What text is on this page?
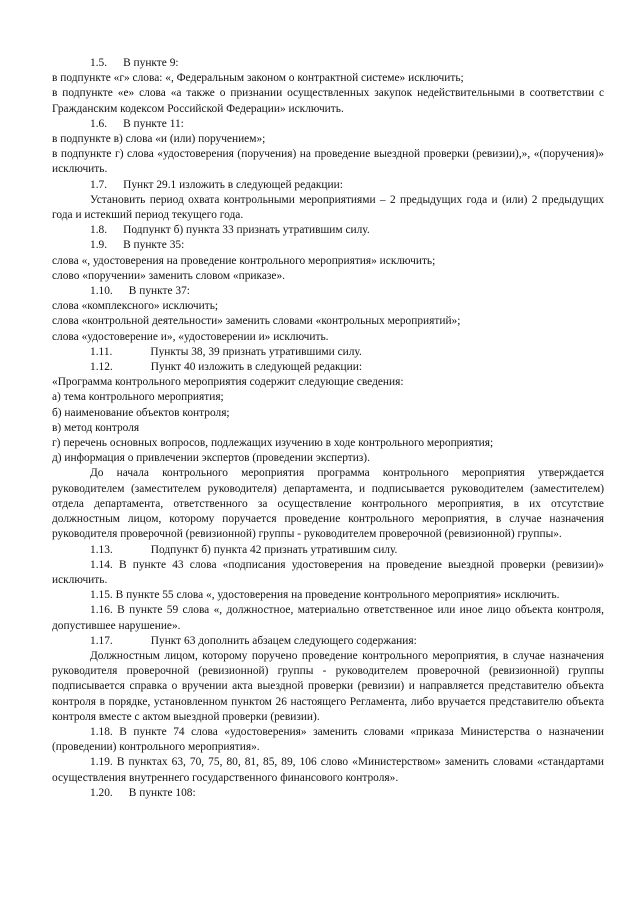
1.5. В пункте 9:

в подпункте «г» слова: «, Федеральным законом о контрактной системе» исключить;

в подпункте «е» слова «а также о признании осуществленных закупок недействительными в соответствии с Гражданским кодексом Российской Федерации» исключить.

1.6. В пункте 11:

в подпункте в) слова «и (или) поручением»;

в подпункте г) слова «удостоверения (поручения) на проведение выездной проверки (ревизии),», «(поручения)» исключить.

1.7. Пункт 29.1 изложить в следующей редакции:

Установить период охвата контрольными мероприятиями – 2 предыдущих года и (или) 2 предыдущих года и истекший период текущего года.

1.8. Подпункт б) пункта 33 признать утратившим силу.

1.9. В пункте 35:

слова «, удостоверения на проведение контрольного мероприятия» исключить;

слово «поручении» заменить словом «приказе».

1.10. В пункте 37:

слова «комплексного» исключить;

слова «контрольной деятельности» заменить словами «контрольных мероприятий»;

слова «удостоверение и», «удостоверении и» исключить.

1.11.	Пункты 38, 39 признать утратившими силу.

1.12.	Пункт 40 изложить в следующей редакции:

«Программа контрольного мероприятия содержит следующие сведения:

а) тема контрольного мероприятия;

б) наименование объектов контроля;

в) метод контроля

г) перечень основных вопросов, подлежащих изучению в ходе контрольного мероприятия;

д) информация о привлечении экспертов (проведении экспертиз).

До начала контрольного мероприятия программа контрольного мероприятия утверждается руководителем (заместителем руководителя) департамента, и подписывается руководителем (заместителем) отдела департамента, ответственного за осуществление контрольного мероприятия, в их отсутствие должностным лицом, которому поручается проведение контрольного мероприятия, в случае назначения руководителя проверочной (ревизионной) группы - руководителем проверочной (ревизионной) группы».

1.13.	Подпункт б) пункта 42 признать утратившим силу.

1.14. В пункте 43 слова «подписания удостоверения на проведение выездной проверки (ревизии)» исключить.

1.15. В пункте 55 слова «, удостоверения на проведение контрольного мероприятия» исключить.

1.16. В пункте 59 слова «, должностное, материально ответственное или иное лицо объекта контроля, допустившее нарушение».

1.17.	Пункт 63 дополнить абзацем следующего содержания:

Должностным лицом, которому поручено проведение контрольного мероприятия, в случае назначения руководителя проверочной (ревизионной) группы - руководителем проверочной (ревизионной) группы подписывается справка о вручении акта выездной проверки (ревизии) и направляется представителю объекта контроля в порядке, установленном пунктом 26 настоящего Регламента, либо вручается представителю объекта контроля вместе с актом выездной проверки (ревизии).

1.18. В пункте 74 слова «удостоверения» заменить словами «приказа Министерства о назначении (проведении) контрольного мероприятия».

1.19. В пунктах 63, 70, 75, 80, 81, 85, 89, 106 слово «Министерством» заменить словами «стандартами осуществления внутреннего государственного финансового контроля».

1.20. В пункте 108:
